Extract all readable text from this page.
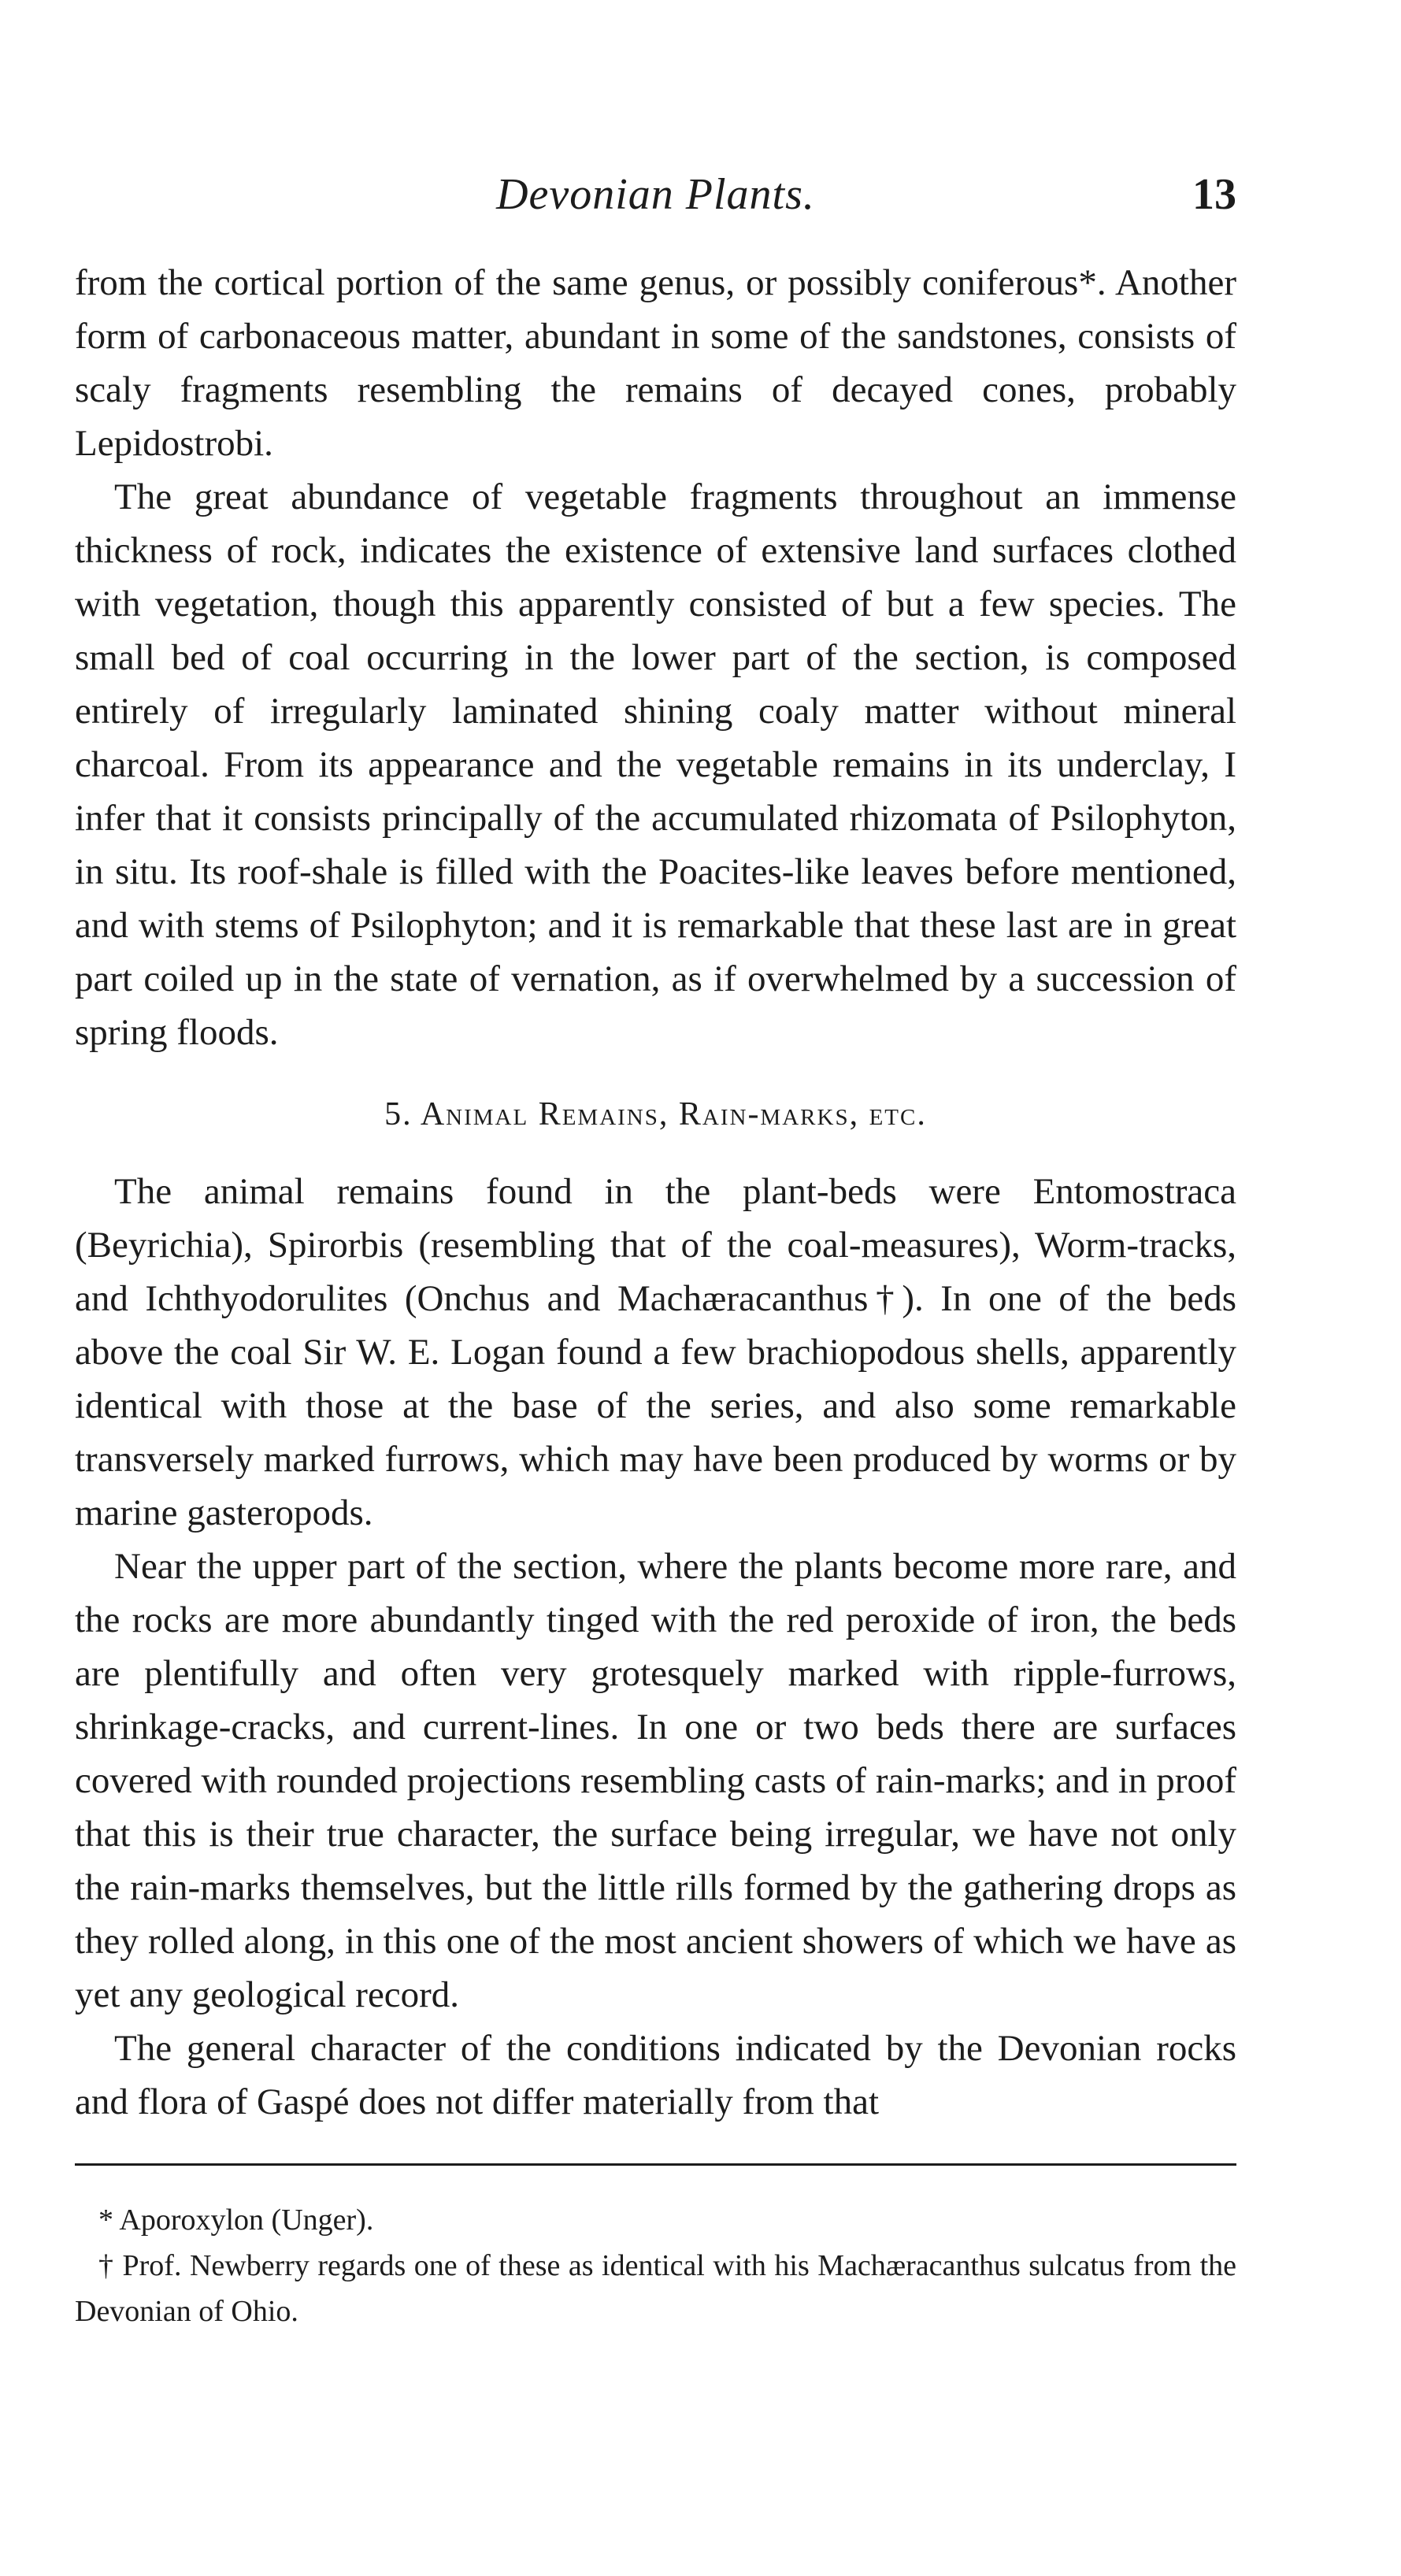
Devonian Plants.	13

from the cortical portion of the same genus, or possibly coniferous*. Another form of carbonaceous matter, abundant in some of the sandstones, consists of scaly fragments resembling the remains of decayed cones, probably Lepidostrobi.

The great abundance of vegetable fragments throughout an immense thickness of rock, indicates the existence of extensive land surfaces clothed with vegetation, though this apparently consisted of but a few species. The small bed of coal occurring in the lower part of the section, is composed entirely of irregularly laminated shining coaly matter without mineral charcoal. From its appearance and the vegetable remains in its underclay, I infer that it consists principally of the accumulated rhizomata of Psilophyton, in situ. Its roof-shale is filled with the Poacites-like leaves before mentioned, and with stems of Psilophyton; and it is remarkable that these last are in great part coiled up in the state of vernation, as if overwhelmed by a succession of spring floods.

5. Animal Remains, Rain-marks, etc.

The animal remains found in the plant-beds were Entomostraca (Beyrichia), Spirorbis (resembling that of the coal-measures), Worm-tracks, and Ichthyodorulites (Onchus and Machæracanthus†). In one of the beds above the coal Sir W. E. Logan found a few brachiopodous shells, apparently identical with those at the base of the series, and also some remarkable transversely marked furrows, which may have been produced by worms or by marine gasteropods.

Near the upper part of the section, where the plants become more rare, and the rocks are more abundantly tinged with the red peroxide of iron, the beds are plentifully and often very grotesquely marked with ripple-furrows, shrinkage-cracks, and current-lines. In one or two beds there are surfaces covered with rounded projections resembling casts of rain-marks; and in proof that this is their true character, the surface being irregular, we have not only the rain-marks themselves, but the little rills formed by the gathering drops as they rolled along, in this one of the most ancient showers of which we have as yet any geological record.

The general character of the conditions indicated by the Devonian rocks and flora of Gaspé does not differ materially from that

* Aporoxylon (Unger).

† Prof. Newberry regards one of these as identical with his Machæracanthus sulcatus from the Devonian of Ohio.
